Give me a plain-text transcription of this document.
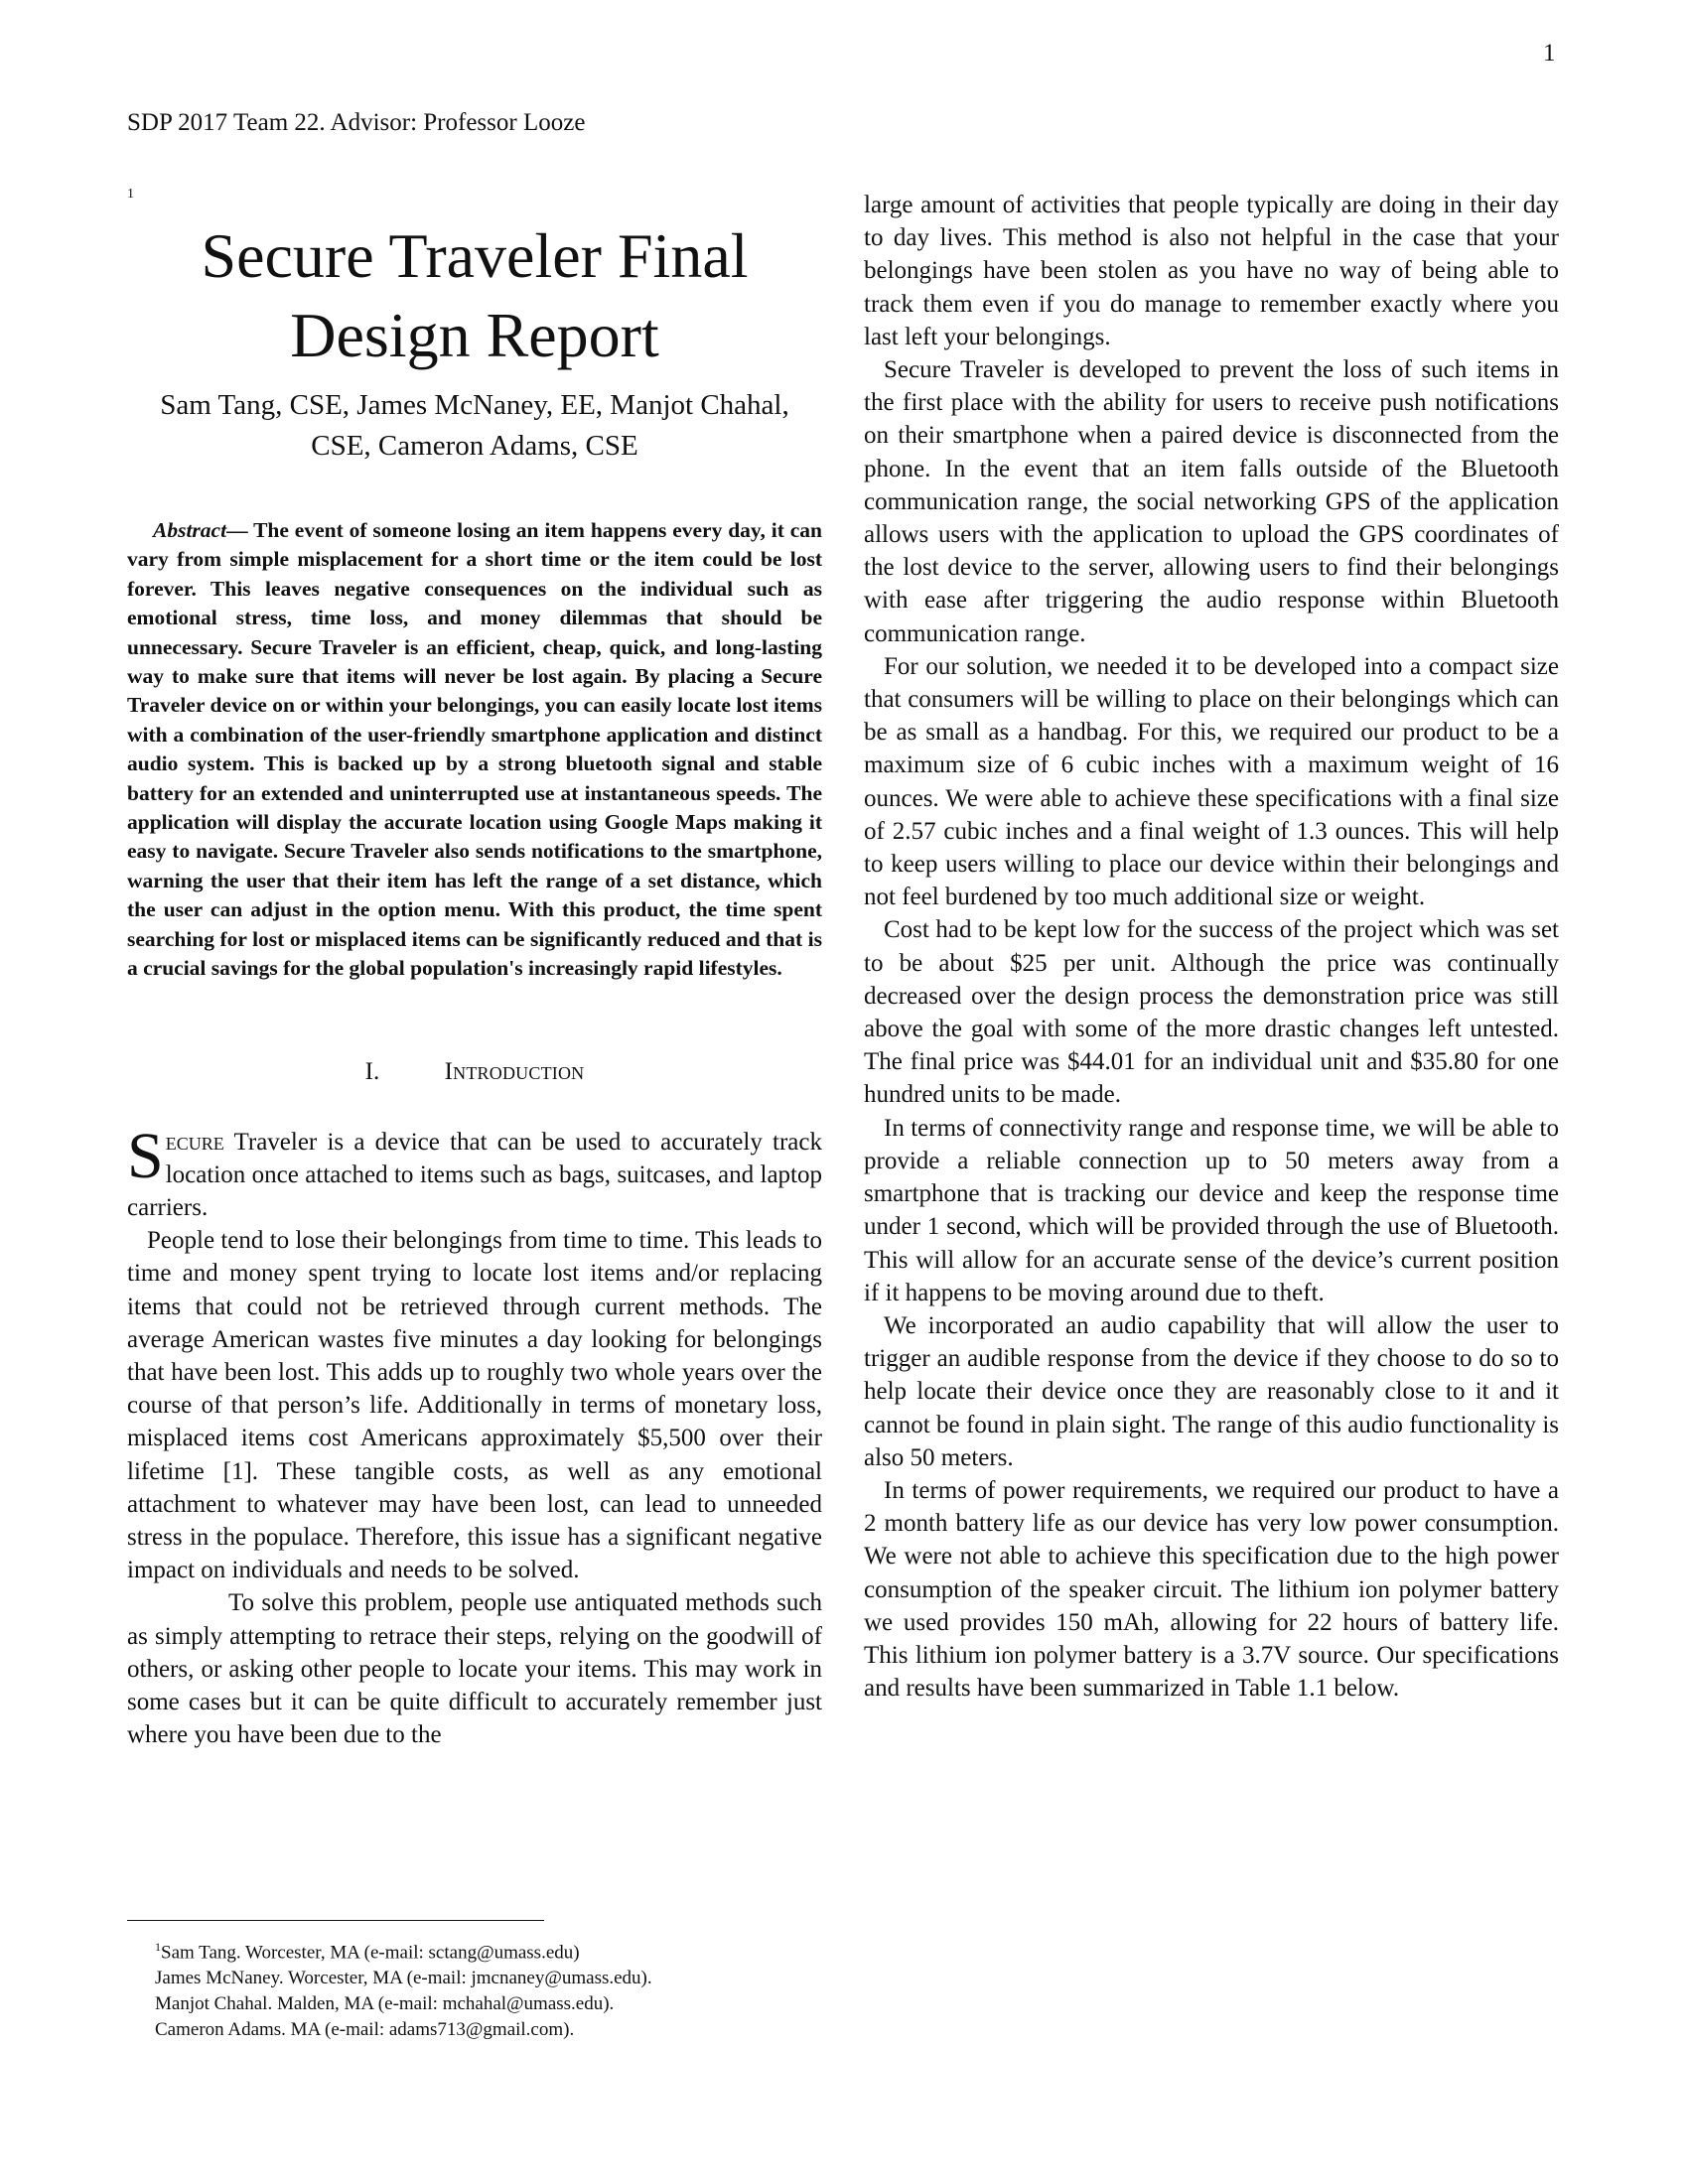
1
SDP 2017 Team 22. Advisor: Professor Looze
1
Secure Traveler Final Design Report

Sam Tang, CSE, James McNaney, EE, Manjot Chahal, CSE, Cameron Adams, CSE

Abstract— The event of someone losing an item happens every day, it can vary from simple misplacement for a short time or the item could be lost forever. This leaves negative consequences on the individual such as emotional stress, time loss, and money dilemmas that should be unnecessary. Secure Traveler is an efficient, cheap, quick, and long-lasting way to make sure that items will never be lost again. By placing a Secure Traveler device on or within your belongings, you can easily locate lost items with a combination of the user-friendly smartphone application and distinct audio system. This is backed up by a strong bluetooth signal and stable battery for an extended and uninterrupted use at instantaneous speeds. The application will display the accurate location using Google Maps making it easy to navigate. Secure Traveler also sends notifications to the smartphone, warning the user that their item has left the range of a set distance, which the user can adjust in the option menu. With this product, the time spent searching for lost or misplaced items can be significantly reduced and that is a crucial savings for the global population's increasingly rapid lifestyles.

I.	Introduction

Secure Traveler is a device that can be used to accurately track location once attached to items such as bags, suitcases, and laptop carriers.

People tend to lose their belongings from time to time. This leads to time and money spent trying to locate lost items and/or replacing items that could not be retrieved through current methods. The average American wastes five minutes a day looking for belongings that have been lost. This adds up to roughly two whole years over the course of that person’s life. Additionally in terms of monetary loss, misplaced items cost Americans approximately $5,500 over their lifetime [1]. These tangible costs, as well as any emotional attachment to whatever may have been lost, can lead to unneeded stress in the populace. Therefore, this issue has a significant negative impact on individuals and needs to be solved.

To solve this problem, people use antiquated methods such as simply attempting to retrace their steps, relying on the goodwill of others, or asking other people to locate your items. This may work in some cases but it can be quite difficult to accurately remember just where you have been due to the

large amount of activities that people typically are doing in their day to day lives. This method is also not helpful in the case that your belongings have been stolen as you have no way of being able to track them even if you do manage to remember exactly where you last left your belongings.

Secure Traveler is developed to prevent the loss of such items in the first place with the ability for users to receive push notifications on their smartphone when a paired device is disconnected from the phone. In the event that an item falls outside of the Bluetooth communication range, the social networking GPS of the application allows users with the application to upload the GPS coordinates of the lost device to the server, allowing users to find their belongings with ease after triggering the audio response within Bluetooth communication range.

For our solution, we needed it to be developed into a compact size that consumers will be willing to place on their belongings which can be as small as a handbag. For this, we required our product to be a maximum size of 6 cubic inches with a maximum weight of 16 ounces. We were able to achieve these specifications with a final size of 2.57 cubic inches and a final weight of 1.3 ounces. This will help to keep users willing to place our device within their belongings and not feel burdened by too much additional size or weight.

Cost had to be kept low for the success of the project which was set to be about $25 per unit. Although the price was continually decreased over the design process the demonstration price was still above the goal with some of the more drastic changes left untested. The final price was $44.01 for an individual unit and $35.80 for one hundred units to be made.

In terms of connectivity range and response time, we will be able to provide a reliable connection up to 50 meters away from a smartphone that is tracking our device and keep the response time under 1 second, which will be provided through the use of Bluetooth. This will allow for an accurate sense of the device’s current position if it happens to be moving around due to theft.

We incorporated an audio capability that will allow the user to trigger an audible response from the device if they choose to do so to help locate their device once they are reasonably close to it and it cannot be found in plain sight. The range of this audio functionality is also 50 meters.

In terms of power requirements, we required our product to have a 2 month battery life as our device has very low power consumption. We were not able to achieve this specification due to the high power consumption of the speaker circuit. The lithium ion polymer battery we used provides 150 mAh, allowing for 22 hours of battery life. This lithium ion polymer battery is a 3.7V source. Our specifications and results have been summarized in Table 1.1 below.

$^1$Sam Tang. Worcester, MA (e-mail: sctang@umass.edu)
James McNaney. Worcester, MA (e-mail: jmcnaney@umass.edu).
Manjot Chahal. Malden, MA (e-mail: mchahal@umass.edu).
Cameron Adams. MA (e-mail: adams713@gmail.com).
